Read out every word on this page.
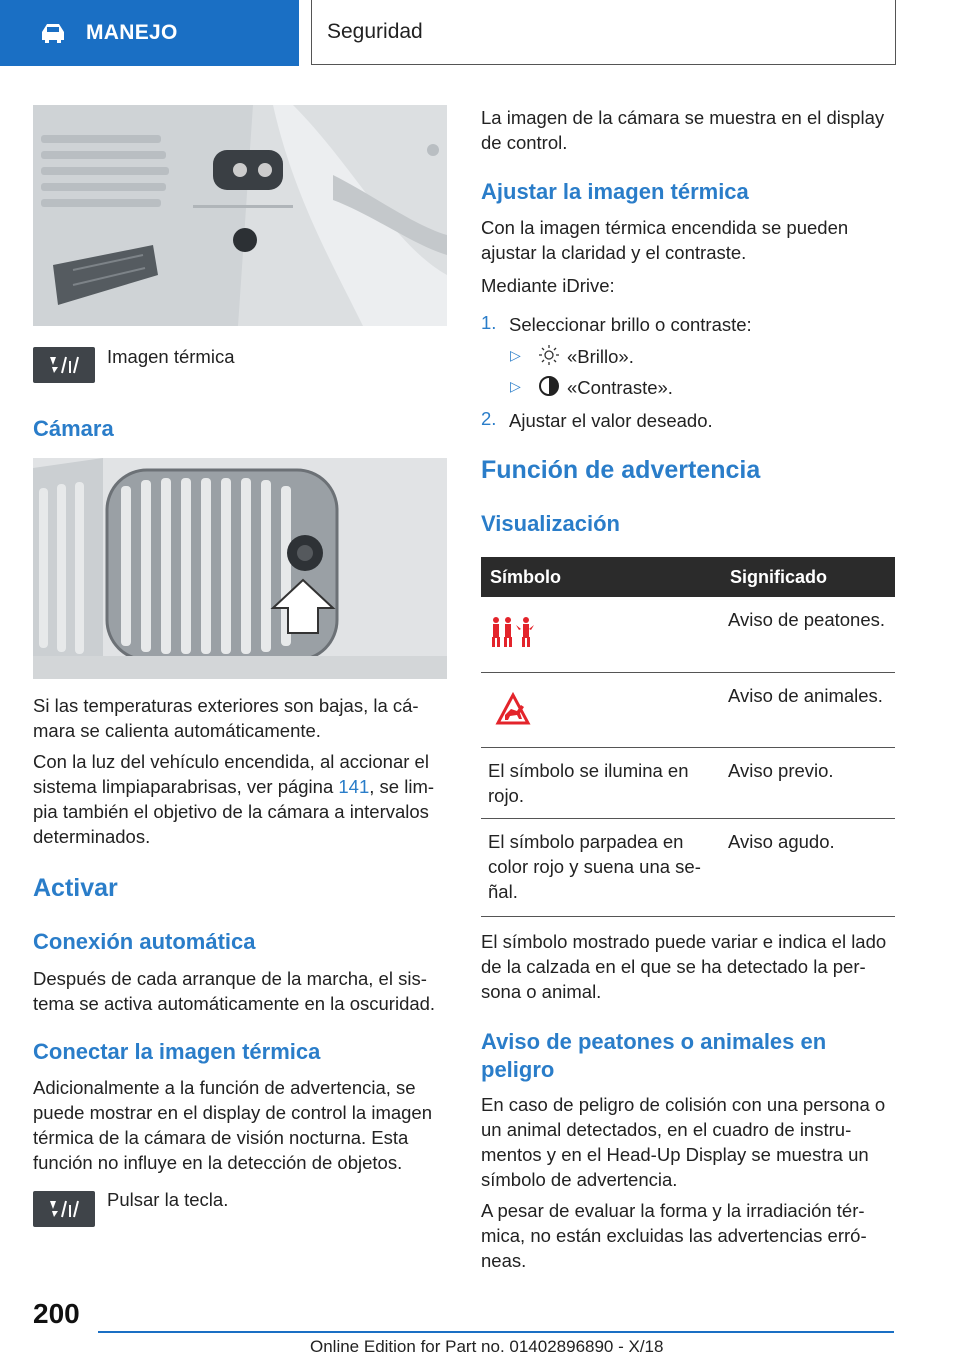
MANEJO	Seguridad

Imagen térmica

Cámara

Si las temperaturas exteriores son bajas, la cá-mara se calienta automáticamente.

Con la luz del vehículo encendida, al accionar el sistema limpiaparabrisas, ver página 141, se lim-pia también el objetivo de la cámara a intervalos determinados.

Activar
Conexión automática

Después de cada arranque de la marcha, el sis-tema se activa automáticamente en la oscuridad.

Conectar la imagen térmica

Adicionalmente a la función de advertencia, se puede mostrar en el display de control la imagen térmica de la cámara de visión nocturna. Esta función no influye en la detección de objetos.

Pulsar la tecla.

La imagen de la cámara se muestra en el display de control.

Ajustar la imagen térmica

Con la imagen térmica encendida se pueden ajustar la claridad y el contraste.

Mediante iDrive:

1. Seleccionar brillo o contraste:

▷ «Brillo».

▷ «Contraste».

2. Ajustar el valor deseado.

Función de advertencia
Visualización
Símbolo	Significado
	Aviso de peatones.
	Aviso de animales.
El símbolo se ilumina en rojo.	Aviso previo.
El símbolo parpadea en color rojo y suena una se-ñal.	Aviso agudo.

El símbolo mostrado puede variar e indica el lado de la calzada en el que se ha detectado la per-sona o animal.

Aviso de peatones o animales en peligro

En caso de peligro de colisión con una persona o un animal detectados, en el cuadro de instru-mentos y en el Head-Up Display se muestra un símbolo de advertencia.

A pesar de evaluar la forma y la irradiación tér-mica, no están excluidas las advertencias erró-neas.

200
Online Edition for Part no. 01402896890 - X/18
